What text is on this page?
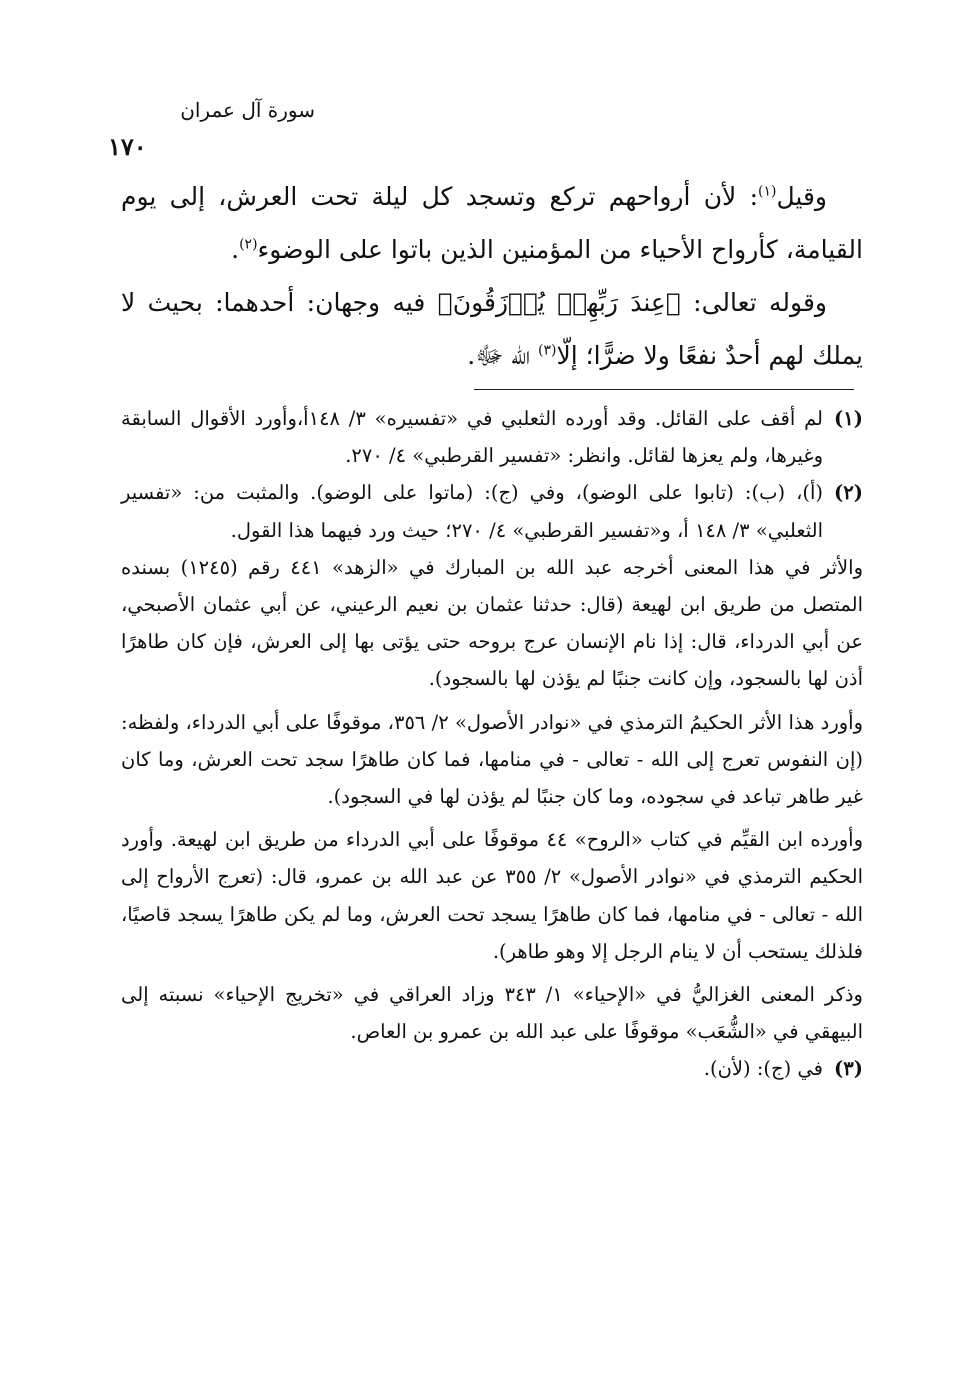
سورة آل عمران
١٧٠

وقيل$^{(١)}$: لأن أرواحهم تركع وتسجد كل ليلة تحت العرش، إلى يوم القيامة، كأرواح الأحياء من المؤمنين الذين باتوا على الوضوء$^{(٢)}$.

وقوله تعالى: ﴿عِندَ رَبِّهِمۡ يُرۡزَقُونَ﴾ فيه وجهان: أحدهما: بحيث لا يملك لهم أحدٌ نفعًا ولا ضرًّا؛ إلّا$^{(٣)}$ الله ﷻ.

(١)

لم أقف على القائل. وقد أورده الثعلبي في «تفسيره» ٣/ ١٤٨أ،وأورد الأقوال السابقة وغيرها، ولم يعزها لقائل. وانظر: «تفسير القرطبي» ٤/ ٢٧٠.

(٢)

(أ)، (ب): (تابوا على الوضو)، وفي (ج): (ماتوا على الوضو). والمثبت من: «تفسير الثعلبي» ٣/ ١٤٨ أ، و«تفسير القرطبي» ٤/ ٢٧٠؛ حيث ورد فيهما هذا القول.

والأثر في هذا المعنى أخرجه عبد الله بن المبارك في «الزهد» ٤٤١ رقم (١٢٤٥) بسنده المتصل من طريق ابن لهيعة (قال: حدثنا عثمان بن نعيم الرعيني، عن أبي عثمان الأصبحي، عن أبي الدرداء، قال: إذا نام الإنسان عرج بروحه حتى يؤتى بها إلى العرش، فإن كان طاهرًا أذن لها بالسجود، وإن كانت جنبًا لم يؤذن لها بالسجود).

وأورد هذا الأثر الحكيمُ الترمذي في «نوادر الأصول» ٢/ ٣٥٦، موقوفًا على أبي الدرداء، ولفظه: (إن النفوس تعرج إلى الله - تعالى - في منامها، فما كان طاهرًا سجد تحت العرش، وما كان غير طاهر تباعد في سجوده، وما كان جنبًا لم يؤذن لها في السجود).

وأورده ابن القيِّم في كتاب «الروح» ٤٤ موقوفًا على أبي الدرداء من طريق ابن لهيعة. وأورد الحكيم الترمذي في «نوادر الأصول» ٢/ ٣٥٥ عن عبد الله بن عمرو، قال: (تعرج الأرواح إلى الله - تعالى - في منامها، فما كان طاهرًا يسجد تحت العرش، وما لم يكن طاهرًا يسجد قاصيًا، فلذلك يستحب أن لا ينام الرجل إلا وهو طاهر).

وذكر المعنى الغزاليُّ في «الإحياء» ١/ ٣٤٣ وزاد العراقي في «تخريج الإحياء» نسبته إلى البيهقي في «الشُّعَب» موقوفًا على عبد الله بن عمرو بن العاص.

(٣)

في (ج): (لأن).
